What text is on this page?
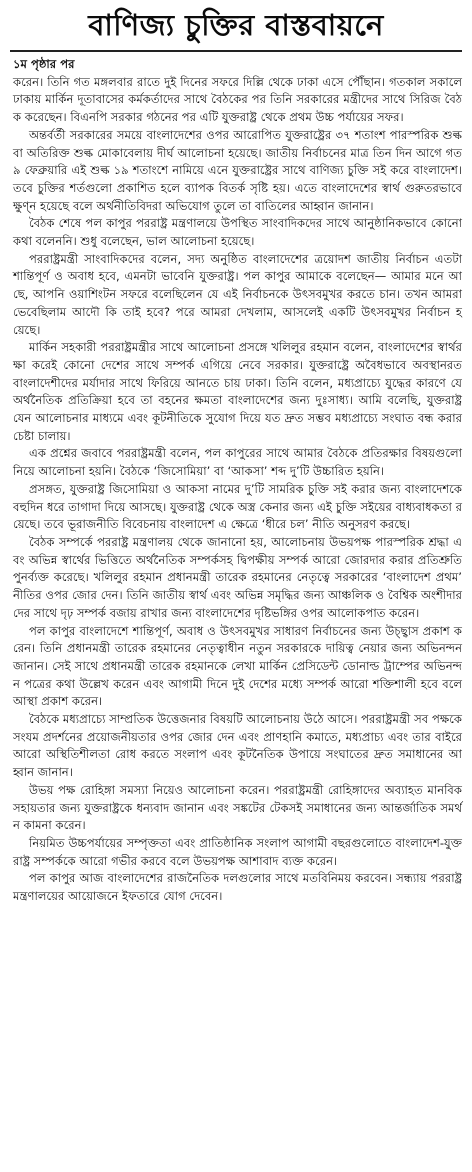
বাণিজ্য চুক্তির বাস্তবায়নে
১ম পৃষ্ঠার পর

করেন। তিনি গত মঙ্গলবার রাতে দুই দিনের সফরে দিল্লি থেকে ঢাকা এসে পৌঁছান। গতকাল সকালে ঢাকায় মার্কিন দূতাবাসের কর্মকর্তাদের সাথে বৈঠকের পর তিনি সরকারের মন্ত্রীদের সাথে সিরিজ বৈঠক করেছেন। বিএনপি সরকার গঠনের পর এটি যুক্তরাষ্ট্র থেকে প্রথম উচ্চ পর্যায়ের সফর।

অন্তর্বর্তী সরকারের সময়ে বাংলাদেশের ওপর আরোপিত যুক্তরাষ্ট্রের ৩৭ শতাংশ পারস্পরিক শুল্ক বা অতিরিক্ত শুল্ক মোকাবেলায় দীর্ঘ আলোচনা হয়েছে। জাতীয় নির্বাচনের মাত্র তিন দিন আগে গত ৯ ফেব্রুয়ারি এই শুল্ক ১৯ শতাংশে নামিয়ে এনে যুক্তরাষ্ট্রের সাথে বাণিজ্য চুক্তি সই করে বাংলাদেশ। তবে চুক্তির শর্তগুলো প্রকাশিত হলে ব্যাপক বিতর্ক সৃষ্টি হয়। এতে বাংলাদেশের স্বার্থ গুরুতরভাবে ক্ষুণ্ন হয়েছে বলে অর্থনীতিবিদরা অভিযোগ তুলে তা বাতিলের আহ্বান জানান।

বৈঠক শেষে পল কাপুর পররাষ্ট্র মন্ত্রণালয়ে উপস্থিত সাংবাদিকদের সাথে আনুষ্ঠানিকভাবে কোনো কথা বলেননি। শুধু বলেছেন, ভাল আলোচনা হয়েছে।

পররাষ্ট্রমন্ত্রী সাংবাদিকদের বলেন, সদ্য অনুষ্ঠিত বাংলাদেশের ত্রয়োদশ জাতীয় নির্বাচন এতটা শান্তিপূর্ণ ও অবাধ হবে, এমনটা ভাবেনি যুক্তরাষ্ট্র। পল কাপুর আমাকে বলেছেন— আমার মনে আছে, আপনি ওয়াশিংটন সফরে বলেছিলেন যে এই নির্বাচনকে উৎসবমুখর করতে চান। তখন আমরা ভেবেছিলাম আদৌ কি তাই হবে? পরে আমরা দেখলাম, আসলেই একটি উৎসবমুখর নির্বাচন হয়েছে।

মার্কিন সহকারী পররাষ্ট্রমন্ত্রীর সাথে আলোচনা প্রসঙ্গে খলিলুর রহমান বলেন, বাংলাদেশের স্বার্থরক্ষা করেই কোনো দেশের সাথে সম্পর্ক এগিয়ে নেবে সরকার। যুক্তরাষ্ট্রে অবৈধভাবে অবস্থানরত বাংলাদেশীদের মর্যাদার সাথে ফিরিয়ে আনতে চায় ঢাকা। তিনি বলেন, মধ্যপ্রাচ্যে যুদ্ধের কারণে যে অর্থনৈতিক প্রতিক্রিয়া হবে তা বহনের ক্ষমতা বাংলাদেশের জন্য দুঃসাধ্য। আমি বলেছি, যুক্তরাষ্ট্র যেন আলোচনার মাধ্যমে এবং কূটনীতিকে সুযোগ দিয়ে যত দ্রুত সম্ভব মধ্যপ্রাচ্যে সংঘাত বন্ধ করার চেষ্টা চালায়।

এক প্রশ্নের জবাবে পররাষ্ট্রমন্ত্রী বলেন, পল কাপুরের সাথে আমার বৈঠকে প্রতিরক্ষার বিষয়গুলো নিয়ে আলোচনা হয়নি। বৈঠকে ‘জিসোমিয়া’ বা ‘আকসা’ শব্দ দু’টি উচ্চারিত হয়নি।

প্রসঙ্গত, যুক্তরাষ্ট্র জিসোমিয়া ও আকসা নামের দু’টি সামরিক চুক্তি সই করার জন্য বাংলাদেশকে বহুদিন ধরে তাগাদা দিয়ে আসছে। যুক্তরাষ্ট্র থেকে অস্ত্র কেনার জন্য এই চুক্তি সইয়ের বাধ্যবাধকতা রয়েছে। তবে ভূরাজনীতি বিবেচনায় বাংলাদেশ এ ক্ষেত্রে ‘ধীরে চল’ নীতি অনুসরণ করছে।

বৈঠক সম্পর্কে পররাষ্ট্র মন্ত্রণালয় থেকে জানানো হয়, আলোচনায় উভয়পক্ষ পারস্পরিক শ্রদ্ধা এবং অভিন্ন স্বার্থের ভিত্তিতে অর্থনৈতিক সম্পর্কসহ দ্বিপক্ষীয় সম্পর্ক আরো জোরদার করার প্রতিশ্রুতি পুনর্ব্যক্ত করেছে। খলিলুর রহমান প্রধানমন্ত্রী তারেক রহমানের নেতৃত্বে সরকারের ‘বাংলাদেশ প্রথম’ নীতির ওপর জোর দেন। তিনি জাতীয় স্বার্থ এবং অভিন্ন সমৃদ্ধির জন্য আঞ্চলিক ও বৈশ্বিক অংশীদারদের সাথে দৃঢ় সম্পর্ক বজায় রাখার জন্য বাংলাদেশের দৃষ্টিভঙ্গির ওপর আলোকপাত করেন।

পল কাপুর বাংলাদেশে শান্তিপূর্ণ, অবাধ ও উৎসবমুখর সাধারণ নির্বাচনের জন্য উচ্ছ্বাস প্রকাশ করেন। তিনি প্রধানমন্ত্রী তারেক রহমানের নেতৃত্বাধীন নতুন সরকারকে দায়িত্ব নেয়ার জন্য অভিনন্দন জানান। সেই সাথে প্রধানমন্ত্রী তারেক রহমানকে লেখা মার্কিন প্রেসিডেন্ট ডোনাল্ড ট্রাম্পের অভিনন্দন পত্রের কথা উল্লেখ করেন এবং আগামী দিনে দুই দেশের মধ্যে সম্পর্ক আরো শক্তিশালী হবে বলে আস্থা প্রকাশ করেন।

বৈঠকে মধ্যপ্রাচ্যে সাম্প্রতিক উত্তেজনার বিষয়টি আলোচনায় উঠে আসে। পররাষ্ট্রমন্ত্রী সব পক্ষকে সংযম প্রদর্শনের প্রয়োজনীয়তার ওপর জোর দেন এবং প্রাণহানি কমাতে, মধ্যপ্রাচ্য এবং তার বাইরে আরো অস্থিতিশীলতা রোধ করতে সংলাপ এবং কূটনৈতিক উপায়ে সংঘাতের দ্রুত সমাধানের আহ্বান জানান।

উভয় পক্ষ রোহিঙ্গা সমস্যা নিয়েও আলোচনা করেন। পররাষ্ট্রমন্ত্রী রোহিঙ্গাদের অব্যাহত মানবিক সহায়তার জন্য যুক্তরাষ্ট্রকে ধন্যবাদ জানান এবং সঙ্কটের টেকসই সমাধানের জন্য আন্তর্জাতিক সমর্থন কামনা করেন।

নিয়মিত উচ্চপর্যায়ের সম্পৃক্ততা এবং প্রাতিষ্ঠানিক সংলাপ আগামী বছরগুলোতে বাংলাদেশ-যুক্তরাষ্ট্র সম্পর্ককে আরো গভীর করবে বলে উভয়পক্ষ আশাবাদ ব্যক্ত করেন।

পল কাপুর আজ বাংলাদেশের রাজনৈতিক দলগুলোর সাথে মতবিনিময় করবেন। সন্ধ্যায় পররাষ্ট্র মন্ত্রণালয়ের আয়োজনে ইফতারে যোগ দেবেন।
